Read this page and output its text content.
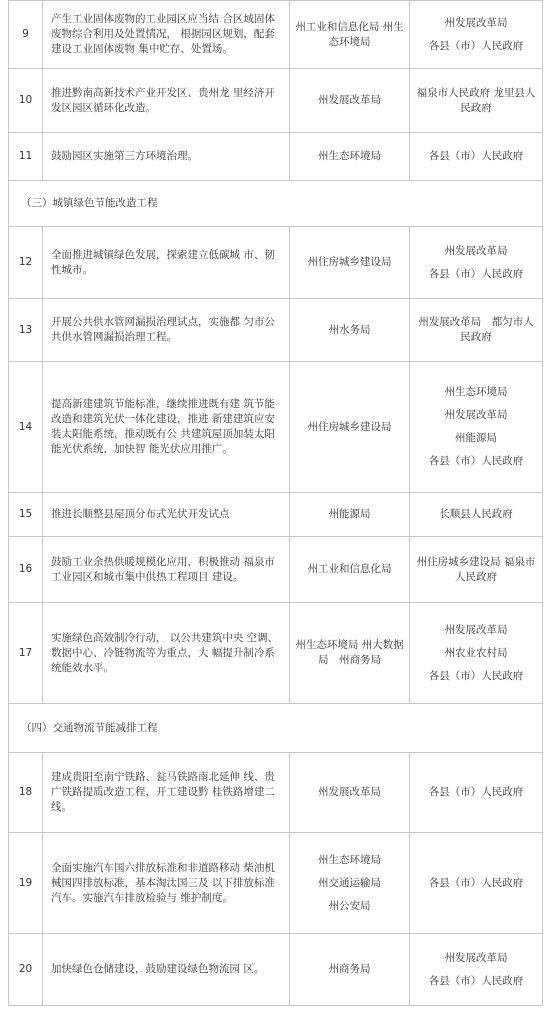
9	产生工业固体废物的工业园区应当结 合区域固体废物综合利用及处置情况， 根据园区规划，配套建设工业固体废物 集中贮存、处置场。	州工业和信息化局 州生态环境局	州发展改革局
各县（市）人民政府

10	推进黔南高新技术产业开发区、贵州龙 里经济开发区园区循环化改造。	州发展改革局	福泉市人民政府 龙里县人民政府
11	鼓励园区实施第三方环境治理。	州生态环境局	各县（市）人民政府
（三）城镇绿色节能改造工程			
12	全面推进城镇绿色发展，探索建立低碳城 市、韧性城市。	州住房城乡建设局	州发展改革局
各县（市）人民政府

13	开展公共供水管网漏损治理试点，实施都 匀市公共供水管网漏损治理工程。	州水务局	州发展改革局　都匀市人民政府
14	提高新建建筑节能标准，继续推进既有建 筑节能改造和建筑光伏一体化建设，推进 新建建筑应安装太阳能系统，推动既有公 共建筑屋顶加装太阳能光伏系统，加快智 能光伏应用推广。	州住房城乡建设局	州生态环境局
州发展改革局
州能源局
各县（市）人民政府

15	推进长顺整县屋顶分布式光伏开发试点	州能源局	长顺县人民政府
16	鼓励工业余热供暖规模化应用，积极推动 福泉市工业园区和城市集中供热工程项目 建设。	州工业和信息化局	州住房城乡建设局 福泉市人民政府
17	实施绿色高效制冷行动， 以公共建筑中央 空调、数据中心、冷链物流等为重点，大 幅提升制冷系统能效水平。	州生态环境局 州大数据局　州商务局	州发展改革局
州农业农村局
各县（市）人民政府

（四）交通物流节能减排工程			
18	建成贵阳至南宁铁路、瓮马铁路南北延伸 线、贵广铁路提质改造工程，开工建设黔 桂铁路增建二线。	州发展改革局	各县（市）人民政府
19	全面实施汽车国六排放标准和非道路移动 柴油机械国四排放标准，基本淘汰国三及 以下排放标准汽车。实施汽车排放检验与 维护制度。	州生态环境局
州交通运输局
州公安局	各县（市）人民政府
20	加快绿色仓储建设，鼓励建设绿色物流园 区。	州商务局	州发展改革局
各县（市）人民政府
